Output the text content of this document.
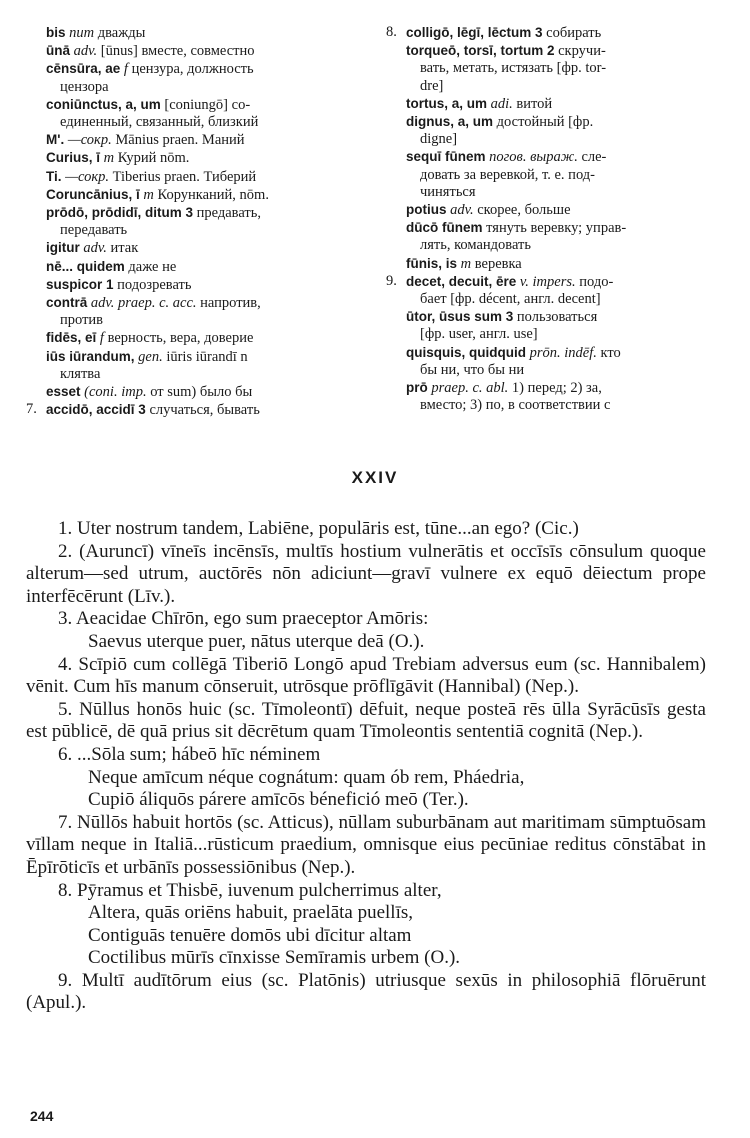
bis num дважды
ūnā adv. [ūnus] вместе, совместно
cēnsūra, ae f цензура, должность
цензора
coniūnctus, a, um [coniungō] со-
единенный, связанный, близкий
M'. —сокр. Mānius praen. Маний
Curius, ī m Курий nōm.
Ti. —сокр. Tiberius praen. Тиберий
Coruncānius, ī m Корунканий, nōm.
prōdō, prōdidī, ditum 3 предавать,
передавать
igitur adv. итак
nē... quidem даже не
suspicor 1 подозревать
contrā adv. praep. c. acc. напротив,
против
fidēs, eī f верность, вера, доверие
iūs iūrandum, gen. iūris iūrandī n
клятва
esset (coni. imp. от sum) было бы
7. accidō, accidī 3 случаться, бывать
8. colligō, lēgī, lēctum 3 собирать
torqueō, torsī, tortum 2 скручи-
вать, метать, истязать [фр. tor-
dre]
tortus, a, um adi. витой
dignus, a, um достойный [фр.
digne]
sequī fūnem погов. выраж. сле-
довать за веревкой, т. е. под-
чиняться
potius adv. скорее, больше
dūcō fūnem тянуть веревку; управ-
лять, командовать
fūnis, is m веревка
9. decet, decuit, ēre v. impers. подо-
бает [фр. décent, англ. decent]
ūtor, ūsus sum 3 пользоваться
[фр. user, англ. use]
quisquis, quidquid prōn. indēf. кто
бы ни, что бы ни
prō praep. c. abl. 1) перед; 2) за,
вместо; 3) по, в соответствии с
XXIV

1. Uter nostrum tandem, Labiēne, populāris est, tūne...an ego? (Cic.)

2. (Auruncī) vīneīs incēnsīs, multīs hostium vulnerātis et occīsīs cōnsulum quoque alterum—sed utrum, auctōrēs nōn adiciunt—gravī vulnere ex equō dēiectum prope interfēcērunt (Līv.).

3. Aeacidae Chīrōn, ego sum praeceptor Amōris:

Saevus uterque puer, nātus uterque deā (O.).

4. Scīpiō cum collēgā Tiberiō Longō apud Trebiam adversus eum (sc. Hannibalem) vēnit. Cum hīs manum cōnseruit, utrōsque prōflīgāvit (Hannibal) (Nep.).

5. Nūllus honōs huic (sc. Tīmoleontī) dēfuit, neque posteā rēs ūlla Syrācūsīs gesta est pūblicē, dē quā prius sit dēcrētum quam Tīmoleontis sententiā cognitā (Nep.).

6. ...Sōla sum; hábeō hīc néminem

Neque amīcum néque cognátum: quam ób rem, Pháedria,

Cupiō áliquōs párere amīcōs bénefició meō (Ter.).

7. Nūllōs habuit hortōs (sc. Atticus), nūllam suburbānam aut maritimam sūmptuōsam vīllam neque in Italiā...rūsticum praedium, omnisque eius pecūniae reditus cōnstābat in Ēpīrōticīs et urbānīs possessiōnibus (Nep.).

8. Pȳramus et Thisbē, iuvenum pulcherrimus alter,

Altera, quās oriēns habuit, praelāta puellīs,

Contiguās tenuēre domōs ubi dīcitur altam

Coctilibus mūrīs cīnxisse Semīramis urbem (O.).

9. Multī audītōrum eius (sc. Platōnis) utriusque sexūs in philosophiā flōruērunt (Apul.).

244
